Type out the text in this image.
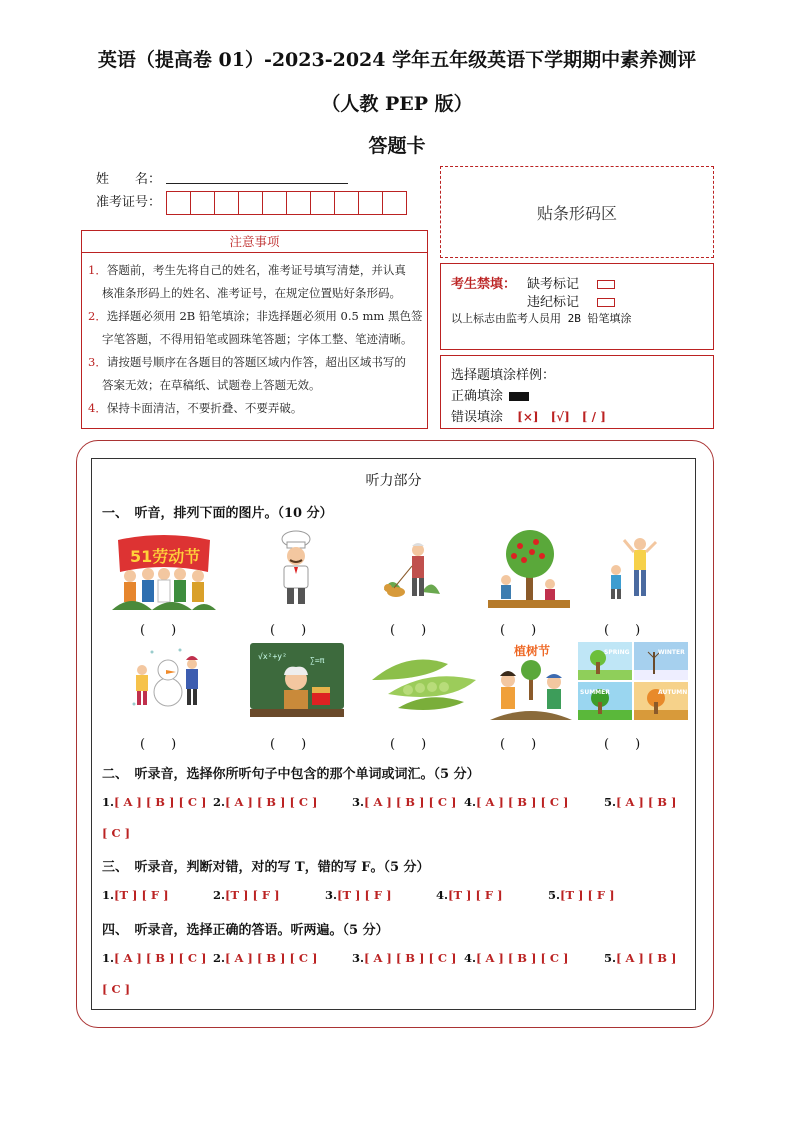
英语（提高卷 01）-2023-2024 学年五年级英语下学期期中素养测评
（人教 PEP 版）
答题卡
姓　　名：
准考证号：
贴条形码区
注意事项
1．答题前，考生先将自己的姓名，准考证号填写清楚，并认真
核准条形码上的姓名、准考证号，在规定位置贴好条形码。
2．选择题必须用 2B 铅笔填涂；非选择题必须用 0.5 mm 黑色签
字笔答题，不得用铅笔或圆珠笔答题；字体工整、笔迹清晰。
3．请按题号顺序在各题目的答题区域内作答，超出区域书写的
答案无效；在草稿纸、试题卷上答题无效。
4．保持卡面清洁，不要折叠、不要弄破。
考生禁填： 缺考标记
违纪标记
以上标志由监考人员用 2B 铅笔填涂
选择题填涂样例：
正确填涂
错误填涂 [×]　[√]　[ / ]
听力部分
一、　听音，排列下面的图片。（10 分）
51劳动节
(　　)	(　　)	(　　)	(　　)	(　　)
√x²+y²	∑=π
植树节	SPRING	WINTER
SUMMER	AUTUMN
(　　)	(　　)	(　　)	(　　)	(　　)
二、　听录音，选择你所听句子中包含的那个单词或词汇。（5 分）
1.[ A ] [ B ] [ C ] 2.[ A ] [ B ] [ C ]	3.[ A ] [ B ] [ C ] 4.[ A ] [ B ] [ C ]	5.[ A ] [ B ]
[ C ]
三、　听录音，判断对错，对的写 T，错的写 F。（5 分）
1.[T ] [ F ]	2.[T ] [ F ]	3.[T ] [ F ]	4.[T ] [ F ]	5.[T ] [ F ]
四、　听录音，选择正确的答语。听两遍。（5 分）
1.[ A ] [ B ] [ C ] 2.[ A ] [ B ] [ C ]	3.[ A ] [ B ] [ C ] 4.[ A ] [ B ] [ C ]	5.[ A ] [ B ]
[ C ]
